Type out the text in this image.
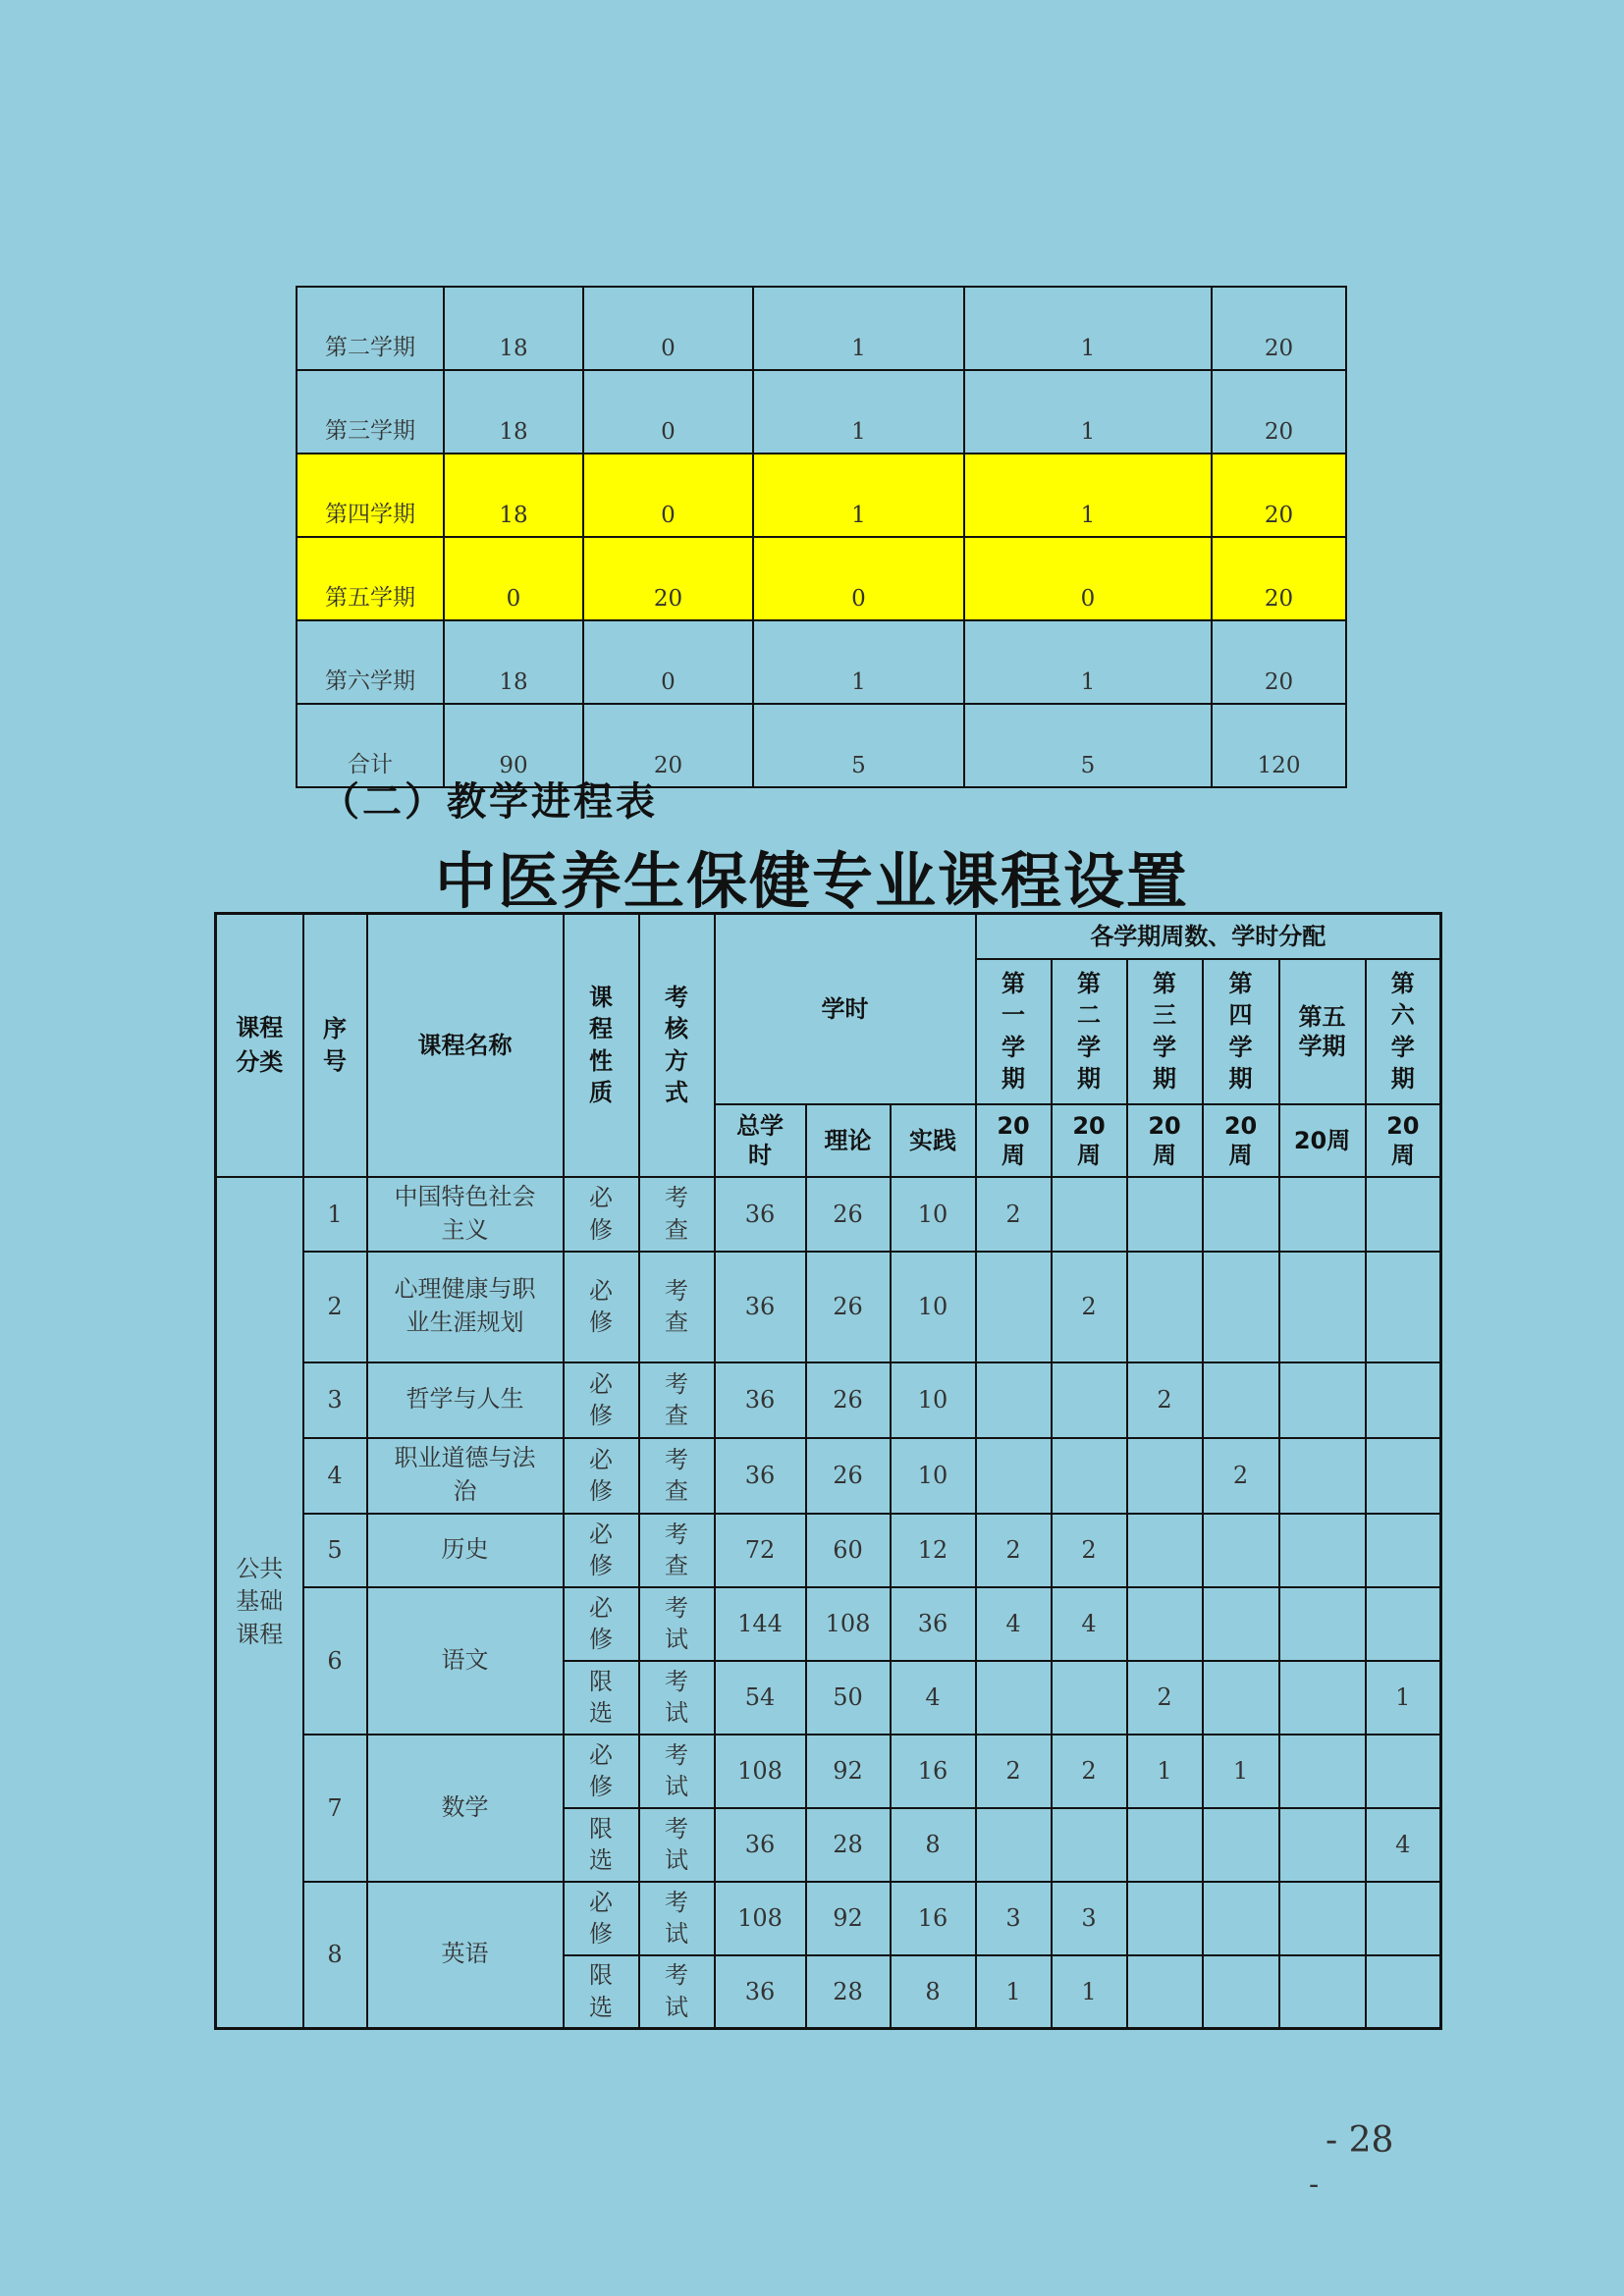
第二学期	18	0	1	1	20
第三学期	18	0	1	1	20
第四学期	18	0	1	1	20
第五学期	0	20	0	0	20
第六学期	18	0	1	1	20
合计	90	20	5	5	120
（二）教学进程表
中医养生保健专业课程设置
课程分类	序号	课程名称	课程性质	考核方式	学时			各学期周数、学时分配					
								第一学期	第二学期	第三学期	第四学期	第五学期	第六学期
					总学时	理论	实践	20周	20周	20周	20周	20周	20周
公共基础课程	1	中国特色社会主义	必修	考查	36	26	10	2					
	2	心理健康与职业生涯规划	必修	考查	36	26	10		2				
	3	哲学与人生	必修	考查	36	26	10			2			
	4	职业道德与法治	必修	考查	36	26	10				2		
	5	历史	必修	考查	72	60	12	2	2				
	6	语文	必修	考试	144	108	36	4	4				
			限选	考试	54	50	4			2			1
	7	数学	必修	考试	108	92	16	2	2	1	1		
			限选	考试	36	28	8						4
	8	英语	必修	考试	108	92	16	3	3				
			限选	考试	36	28	8	1	1				
- 28
-
